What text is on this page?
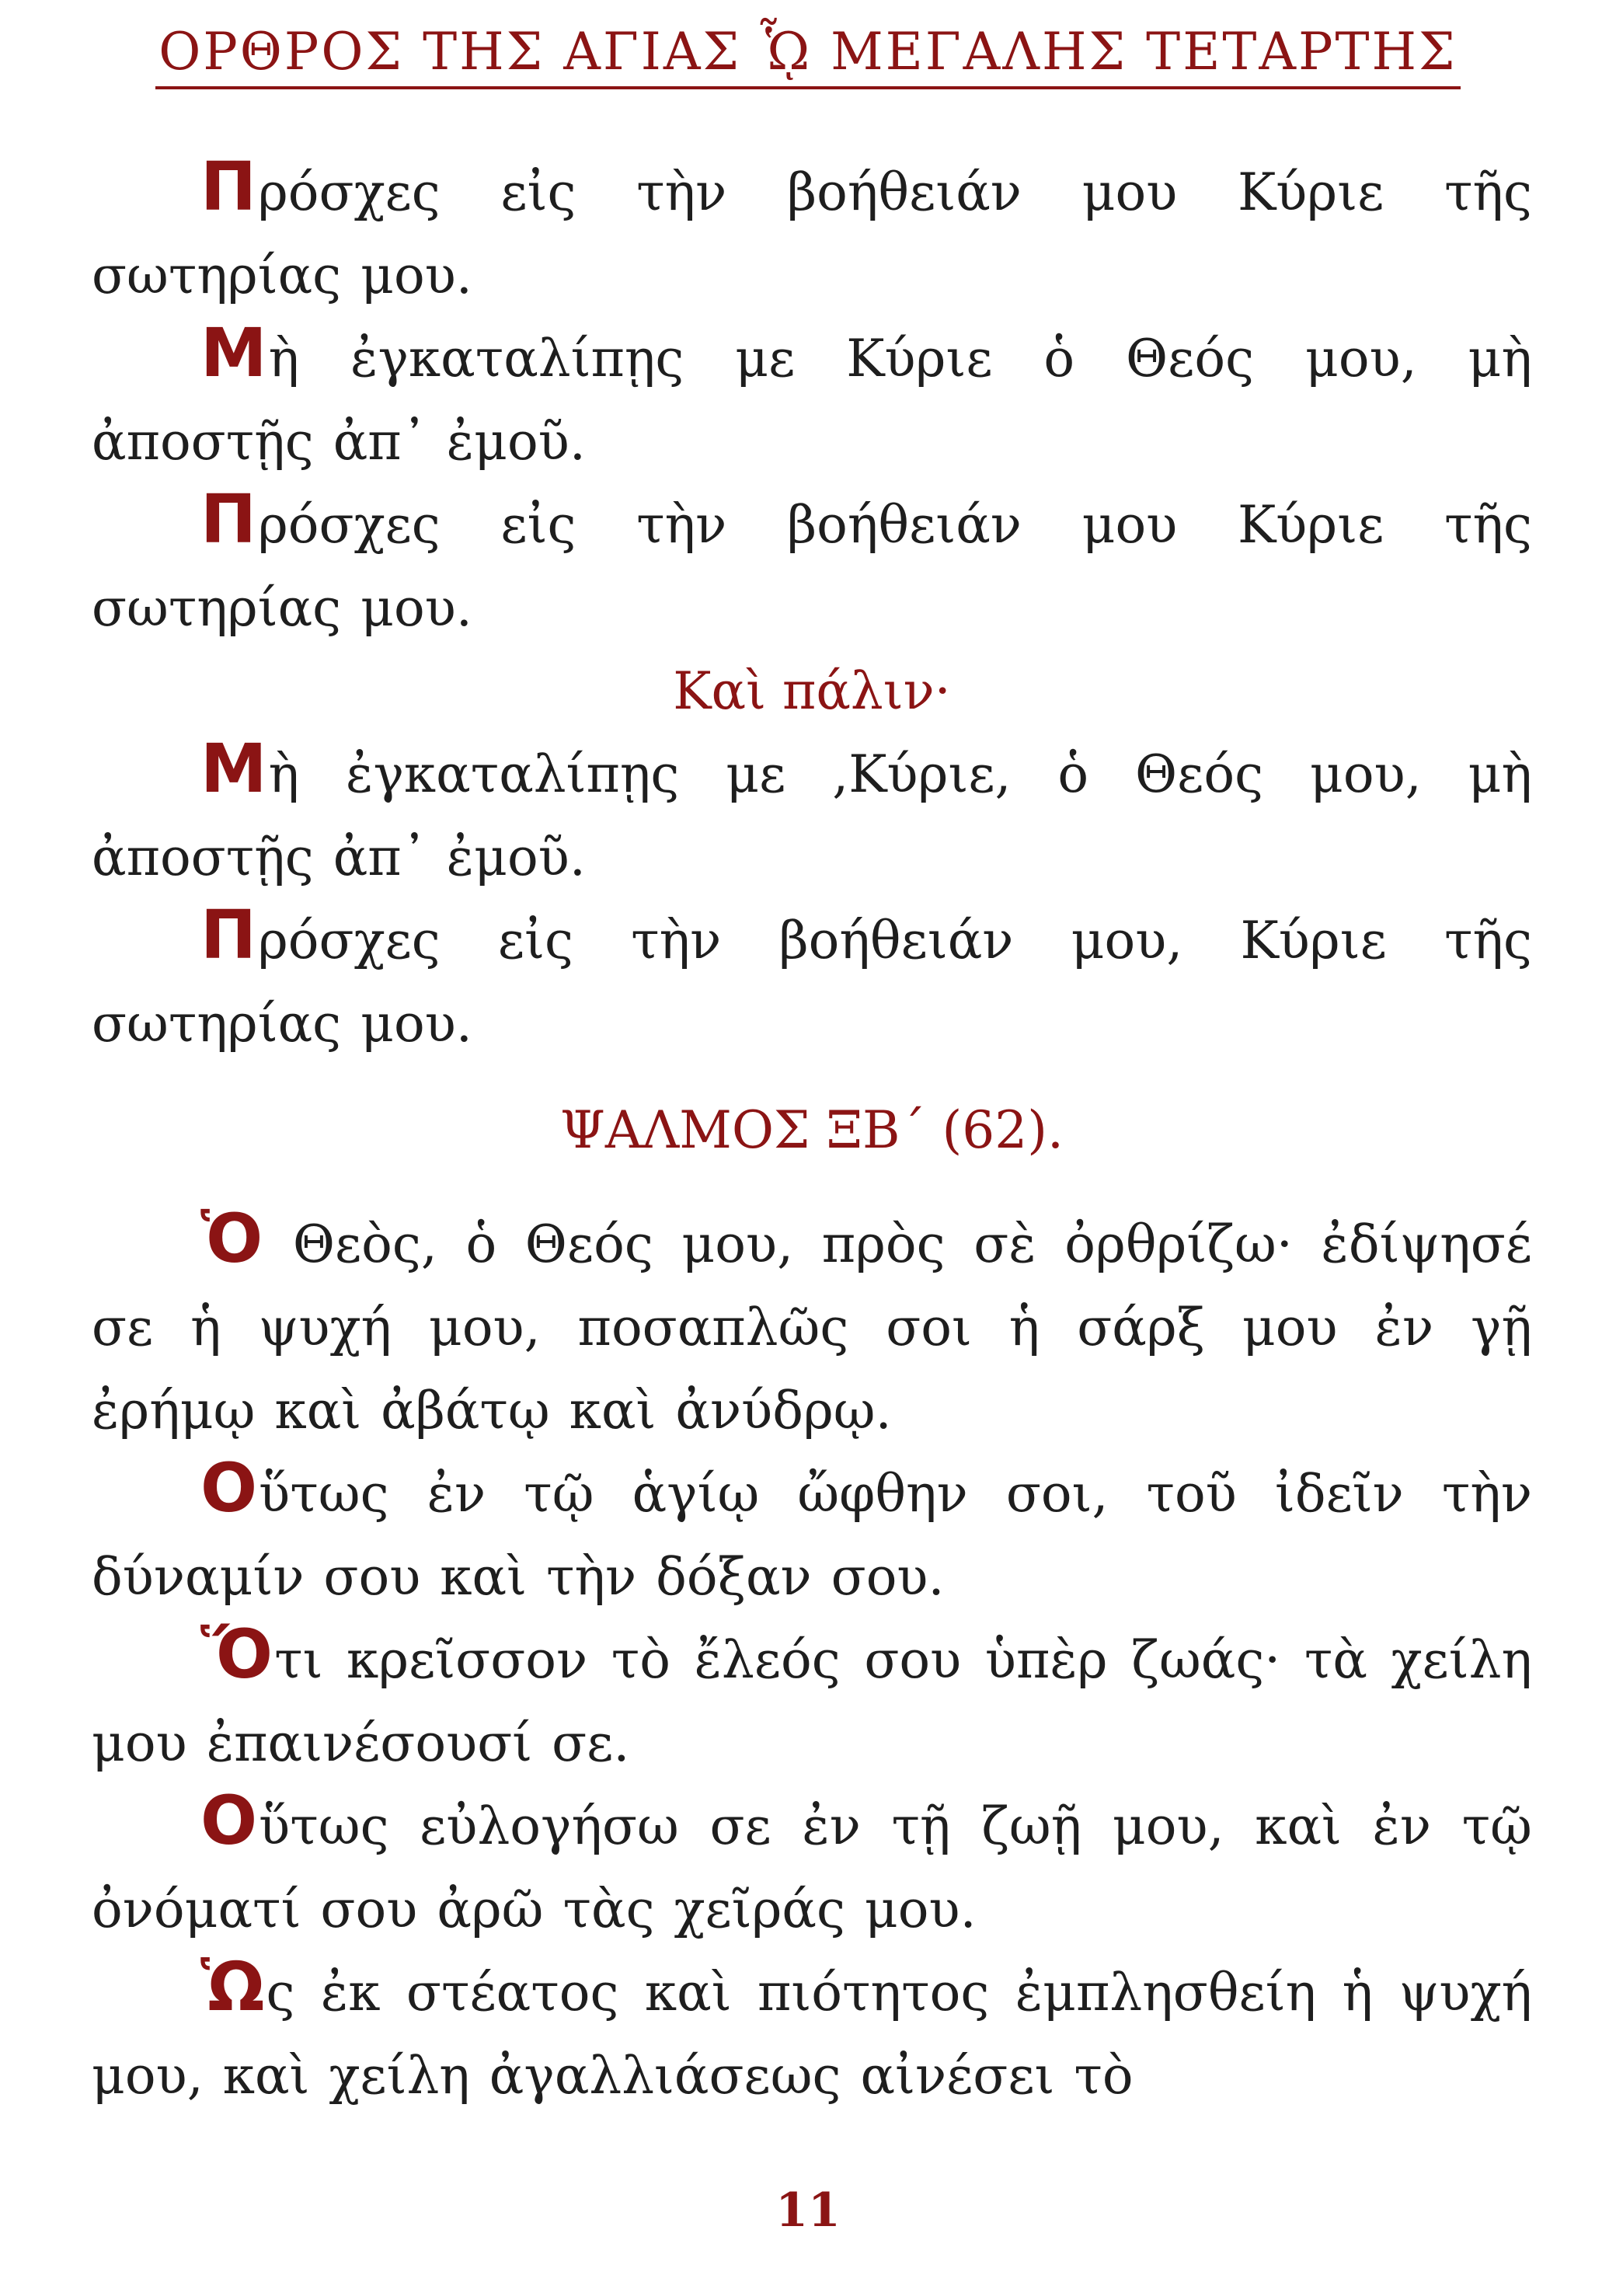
ΟΡΘΡΟΣ ΤΗΣ ΑΓΙΑΣ ᾯ ΜΕΓΑΛΗΣ ΤΕΤΑΡΤΗΣ

Πρόσχες εἰς τὴν βοήθειάν μου Κύριε τῆς σωτηρίας μου.

Μὴ ἐγκαταλίπῃς με Κύριε ὁ Θεός μου, μὴ ἀποστῇς ἀπ᾽ ἐμοῦ.

Πρόσχες εἰς τὴν βοήθειάν μου Κύριε τῆς σωτηρίας μου.

Καὶ πάλιν·

Μὴ ἐγκαταλίπῃς με ,Κύριε, ὁ Θεός μου, μὴ ἀποστῇς ἀπ᾽ ἐμοῦ.

Πρόσχες εἰς τὴν βοήθειάν μου, Κύριε τῆς σωτηρίας μου.

ΨΑΛΜΟΣ ΞΒ΄ (62).

Ὁ Θεὸς, ὁ Θεός μου, πρὸς σὲ ὀρθρίζω· ἐδίψησέ σε ἡ ψυχή μου, ποσαπλῶς σοι ἡ σάρξ μου ἐν γῇ ἐρήμῳ καὶ ἀβάτῳ καὶ ἀνύδρῳ.

Οὕτως ἐν τῷ ἁγίῳ ὤφθην σοι, τοῦ ἰδεῖν τὴν δύναμίν σου καὶ τὴν δόξαν σου.

Ὅτι κρεῖσσον τὸ ἔλεός σου ὑπὲρ ζωάς· τὰ χείλη μου ἐπαινέσουσί σε.

Οὕτως εὐλογήσω σε ἐν τῇ ζωῇ μου, καὶ ἐν τῷ ὀνόματί σου ἀρῶ τὰς χεῖράς μου.

Ὡς ἐκ στέατος καὶ πιότητος ἐμπλησθείη ἡ ψυχή μου, καὶ χείλη ἀγαλλιάσεως αἰνέσει τὸ

11
